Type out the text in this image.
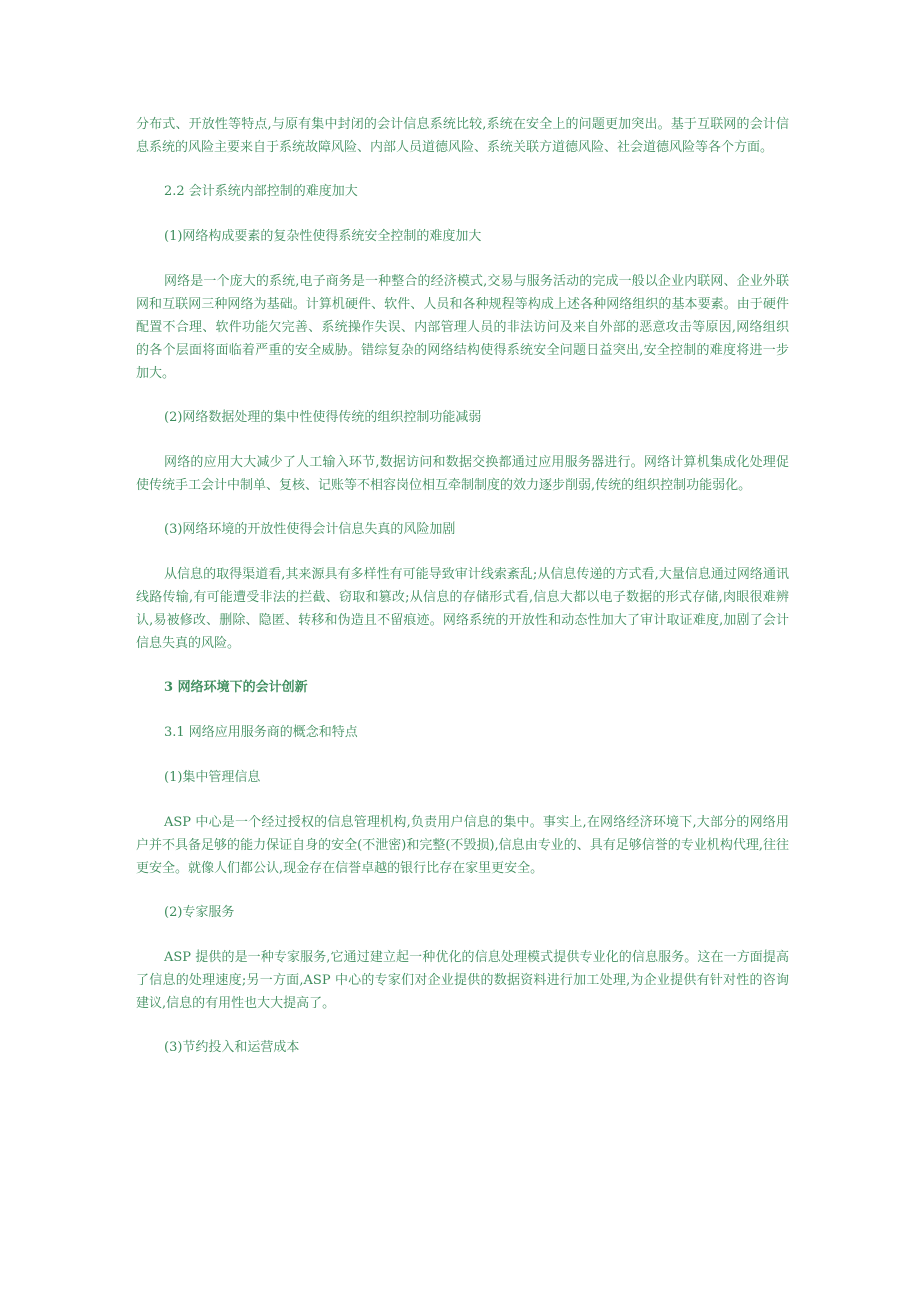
分布式、开放性等特点,与原有集中封闭的会计信息系统比较,系统在安全上的问题更加突出。基于互联网的会计信息系统的风险主要来自于系统故障风险、内部人员道德风险、系统关联方道德风险、社会道德风险等各个方面。

2.2 会计系统内部控制的难度加大

(1)网络构成要素的复杂性使得系统安全控制的难度加大

网络是一个庞大的系统,电子商务是一种整合的经济模式,交易与服务活动的完成一般以企业内联网、企业外联网和互联网三种网络为基础。计算机硬件、软件、人员和各种规程等构成上述各种网络组织的基本要素。由于硬件配置不合理、软件功能欠完善、系统操作失误、内部管理人员的非法访问及来自外部的恶意攻击等原因,网络组织的各个层面将面临着严重的安全威胁。错综复杂的网络结构使得系统安全问题日益突出,安全控制的难度将进一步加大。

(2)网络数据处理的集中性使得传统的组织控制功能减弱

网络的应用大大减少了人工输入环节,数据访问和数据交换都通过应用服务器进行。网络计算机集成化处理促使传统手工会计中制单、复核、记账等不相容岗位相互牵制制度的效力逐步削弱,传统的组织控制功能弱化。

(3)网络环境的开放性使得会计信息失真的风险加剧

从信息的取得渠道看,其来源具有多样性有可能导致审计线索紊乱;从信息传递的方式看,大量信息通过网络通讯线路传输,有可能遭受非法的拦截、窃取和篡改;从信息的存储形式看,信息大都以电子数据的形式存储,肉眼很难辨认,易被修改、删除、隐匿、转移和伪造且不留痕迹。网络系统的开放性和动态性加大了审计取证难度,加剧了会计信息失真的风险。

3 网络环境下的会计创新

3.1 网络应用服务商的概念和特点

(1)集中管理信息

ASP 中心是一个经过授权的信息管理机构,负责用户信息的集中。事实上,在网络经济环境下,大部分的网络用户并不具备足够的能力保证自身的安全(不泄密)和完整(不毁损),信息由专业的、具有足够信誉的专业机构代理,往往更安全。就像人们都公认,现金存在信誉卓越的银行比存在家里更安全。

(2)专家服务

ASP 提供的是一种专家服务,它通过建立起一种优化的信息处理模式提供专业化的信息服务。这在一方面提高了信息的处理速度;另一方面,ASP 中心的专家们对企业提供的数据资料进行加工处理,为企业提供有针对性的咨询建议,信息的有用性也大大提高了。

(3)节约投入和运营成本
